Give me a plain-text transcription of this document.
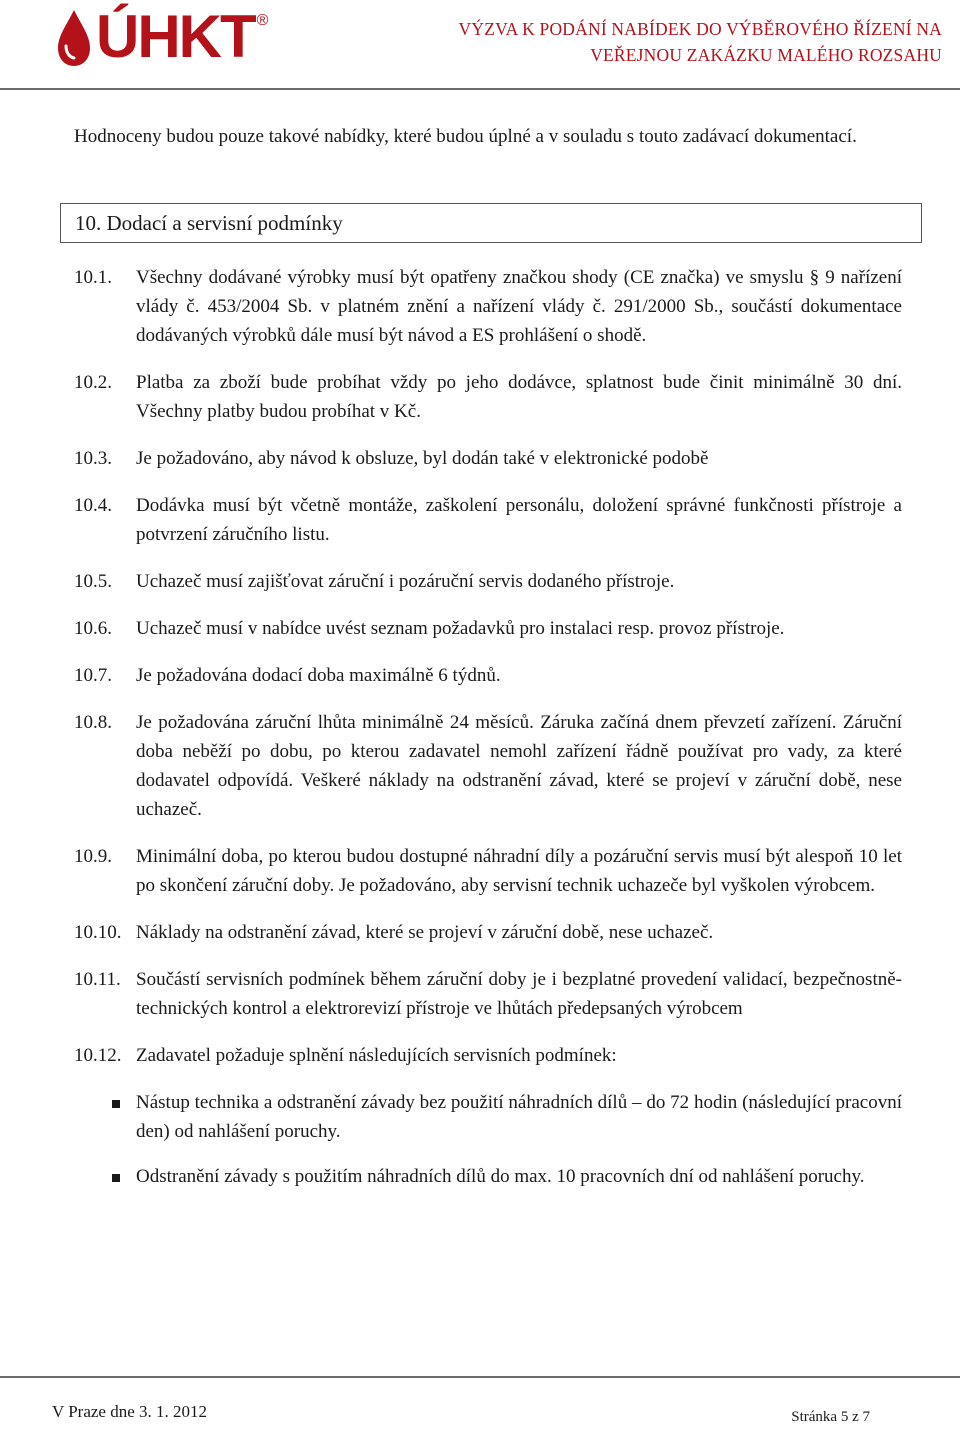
ÚHKT ®	VÝZVA K PODÁNÍ NABÍDEK DO VÝBĚROVÉHO ŘÍZENÍ NA
VEŘEJNOU ZAKÁZKU MALÉHO ROZSAHU

Hodnoceny budou pouze takové nabídky, které budou úplné a v souladu s touto zadávací dokumentací.

10. Dodací a servisní podmínky
10.1.	Všechny dodávané výrobky musí být opatřeny značkou shody (CE značka) ve smyslu § 9 nařízení vlády č. 453/2004 Sb. v platném znění a nařízení vlády č. 291/2000 Sb., součástí dokumentace dodávaných výrobků dále musí být návod a ES prohlášení o shodě.
10.2.	Platba za zboží bude probíhat vždy po jeho dodávce, splatnost bude činit minimálně 30 dní. Všechny platby budou probíhat v Kč.
10.3.	Je požadováno, aby návod k obsluze, byl dodán také v elektronické podobě
10.4.	Dodávka musí být včetně montáže, zaškolení personálu, doložení správné funkčnosti přístroje a potvrzení záručního listu.
10.5.	Uchazeč musí zajišťovat záruční i pozáruční servis dodaného přístroje.
10.6.	Uchazeč musí v nabídce uvést seznam požadavků pro instalaci resp. provoz přístroje.
10.7.	Je požadována dodací doba maximálně 6 týdnů.
10.8.	Je požadována záruční lhůta minimálně 24 měsíců. Záruka začíná dnem převzetí zařízení. Záruční doba neběží po dobu, po kterou zadavatel nemohl zařízení řádně používat pro vady, za které dodavatel odpovídá. Veškeré náklady na odstranění závad, které se projeví v záruční době, nese uchazeč.
10.9.	Minimální doba, po kterou budou dostupné náhradní díly a pozáruční servis musí být alespoň 10 let po skončení záruční doby. Je požadováno, aby servisní technik uchazeče byl vyškolen výrobcem.
10.10. Náklady na odstranění závad, které se projeví v záruční době, nese uchazeč.
10.11. Součástí servisních podmínek během záruční doby je i bezplatné provedení validací, bezpečnostně-technických kontrol a elektrorevizí přístroje ve lhůtách předepsaných výrobcem
10.12. Zadavatel požaduje splnění následujících servisních podmínek:
Nástup technika a odstranění závady bez použití náhradních dílů – do 72 hodin (následující pracovní den) od nahlášení poruchy.
Odstranění závady s použitím náhradních dílů do max. 10 pracovních dní od nahlášení poruchy.
V Praze dne 3. 1. 2012	Stránka 5 z 7
